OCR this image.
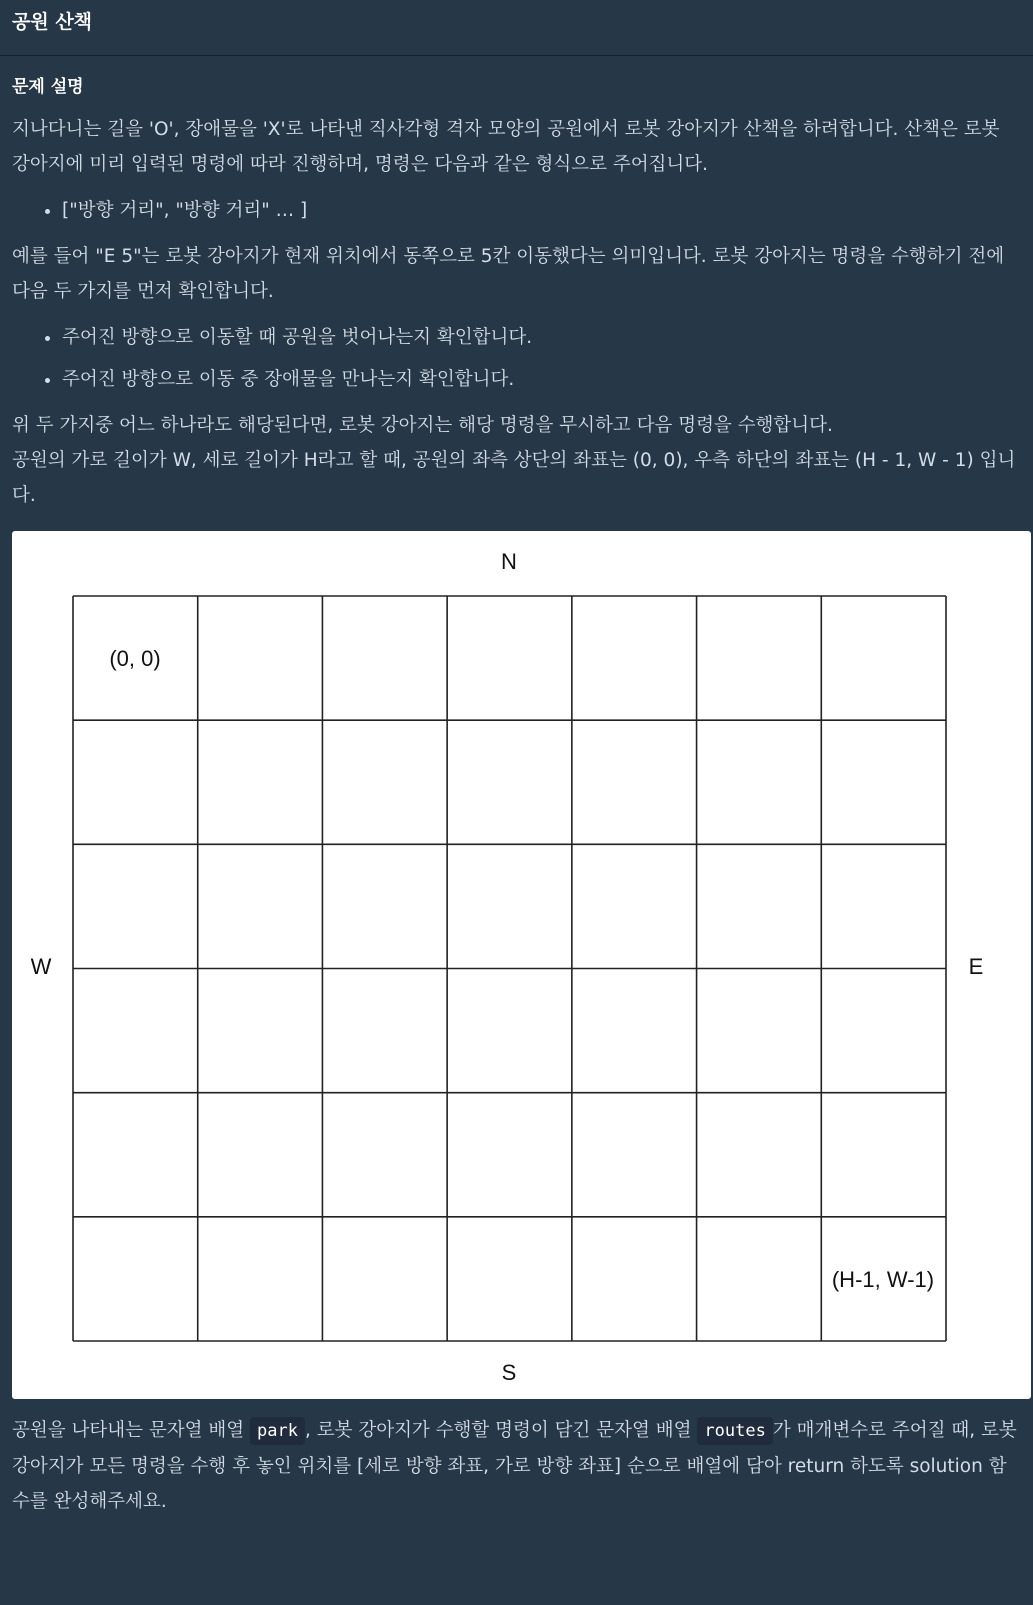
공원 산책
문제 설명

지나다니는 길을 'O', 장애물을 'X'로 나타낸 직사각형 격자 모양의 공원에서 로봇 강아지가 산책을 하려합니다. 산책은 로봇 강아지에 미리 입력된 명령에 따라 진행하며, 명령은 다음과 같은 형식으로 주어집니다.

• ["방향 거리", "방향 거리" … ]

예를 들어 "E 5"는 로봇 강아지가 현재 위치에서 동쪽으로 5칸 이동했다는 의미입니다. 로봇 강아지는 명령을 수행하기 전에 다음 두 가지를 먼저 확인합니다.

• 주어진 방향으로 이동할 때 공원을 벗어나는지 확인합니다.
• 주어진 방향으로 이동 중 장애물을 만나는지 확인합니다.

위 두 가지중 어느 하나라도 해당된다면, 로봇 강아지는 해당 명령을 무시하고 다음 명령을 수행합니다.

공원의 가로 길이가 W, 세로 길이가 H라고 할 때, 공원의 좌측 상단의 좌표는 (0, 0), 우측 하단의 좌표는 (H - 1, W - 1) 입니다.

N
S
W	E
(0, 0)
(H-1, W-1)

공원을 나타내는 문자열 배열 park , 로봇 강아지가 수행할 명령이 담긴 문자열 배열 routes 가 매개변수로 주어질 때, 로봇 강아지가 모든 명령을 수행 후 놓인 위치를 [세로 방향 좌표, 가로 방향 좌표] 순으로 배열에 담아 return 하도록 solution 함수를 완성해주세요.
